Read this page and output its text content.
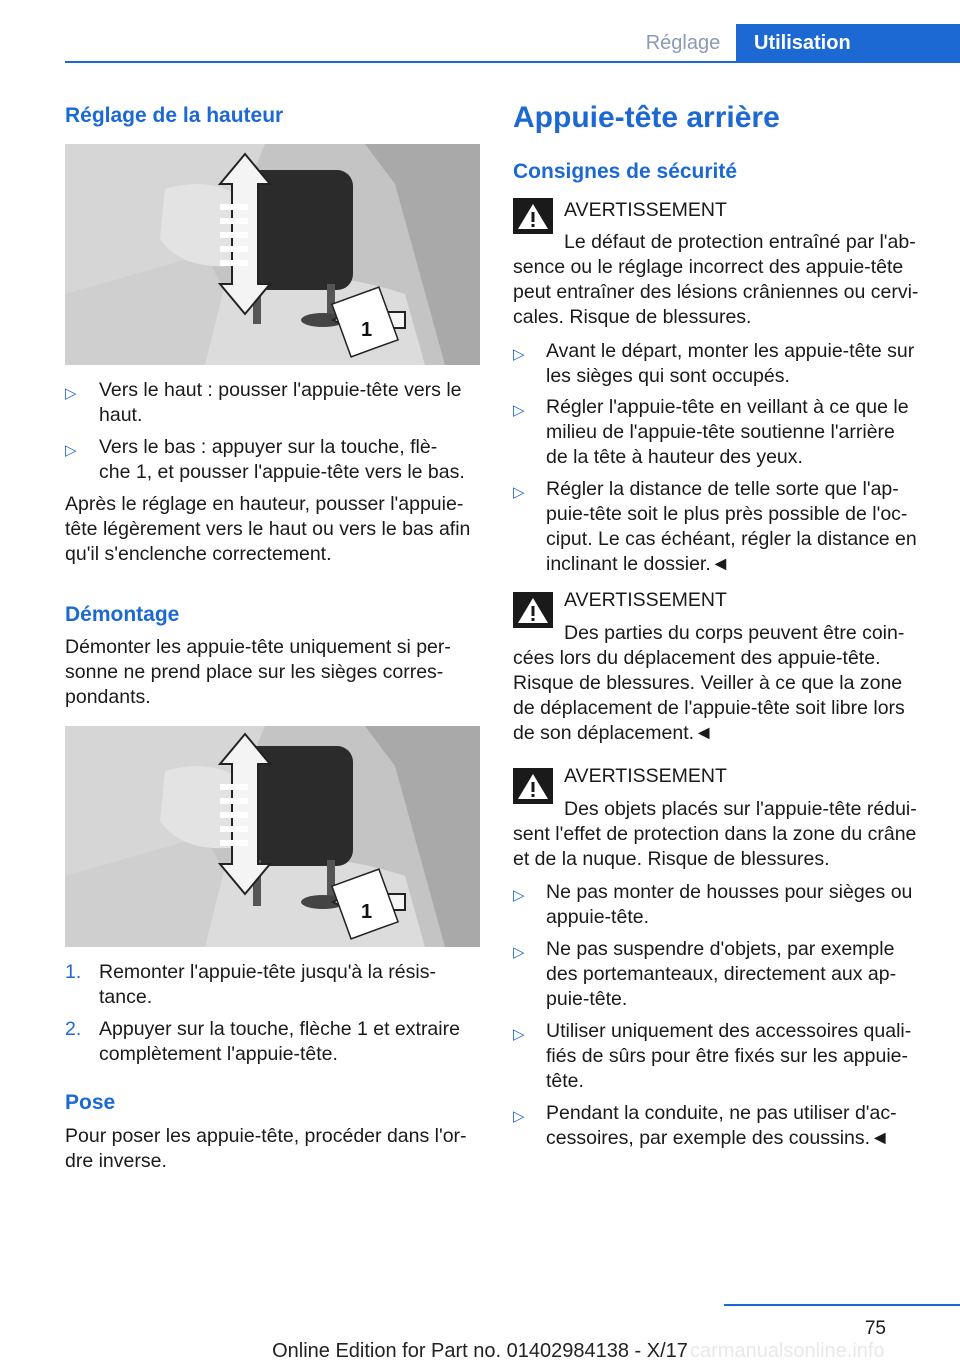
Réglage	Utilisation
Réglage de la hauteur
1
▷ Vers le haut : pousser l'appuie-tête vers le
haut.
▷ Vers le bas : appuyer sur la touche, flè-
che 1, et pousser l'appuie-tête vers le bas.
Après le réglage en hauteur, pousser l'appuie-
tête légèrement vers le haut ou vers le bas afin
qu'il s'enclenche correctement.
Démontage
Démonter les appuie-tête uniquement si per-
sonne ne prend place sur les sièges corres-
pondants.
1
1. Remonter l'appuie-tête jusqu'à la résis-
tance.
2. Appuyer sur la touche, flèche 1 et extraire
complètement l'appuie-tête.
Pose
Pour poser les appuie-tête, procéder dans l'or-
dre inverse.
Appuie-tête arrière
Consignes de sécurité
AVERTISSEMENT
Le défaut de protection entraîné par l'ab-
sence ou le réglage incorrect des appuie-tête
peut entraîner des lésions crâniennes ou cervi-
cales. Risque de blessures.
▷ Avant le départ, monter les appuie-tête sur
les sièges qui sont occupés.
▷ Régler l'appuie-tête en veillant à ce que le
milieu de l'appuie-tête soutienne l'arrière
de la tête à hauteur des yeux.
▷ Régler la distance de telle sorte que l'ap-
puie-tête soit le plus près possible de l'oc-
ciput. Le cas échéant, régler la distance en
inclinant le dossier.◄
AVERTISSEMENT
Des parties du corps peuvent être coin-
cées lors du déplacement des appuie-tête.
Risque de blessures. Veiller à ce que la zone
de déplacement de l'appuie-tête soit libre lors
de son déplacement.◄
AVERTISSEMENT
Des objets placés sur l'appuie-tête rédui-
sent l'effet de protection dans la zone du crâne
et de la nuque. Risque de blessures.
▷ Ne pas monter de housses pour sièges ou
appuie-tête.
▷ Ne pas suspendre d'objets, par exemple
des portemanteaux, directement aux ap-
puie-tête.
▷ Utiliser uniquement des accessoires quali-
fiés de sûrs pour être fixés sur les appuie-
tête.
▷ Pendant la conduite, ne pas utiliser d'ac-
cessoires, par exemple des coussins.◄
75
carmanualsonline.info
Online Edition for Part no. 01402984138 - X/17
